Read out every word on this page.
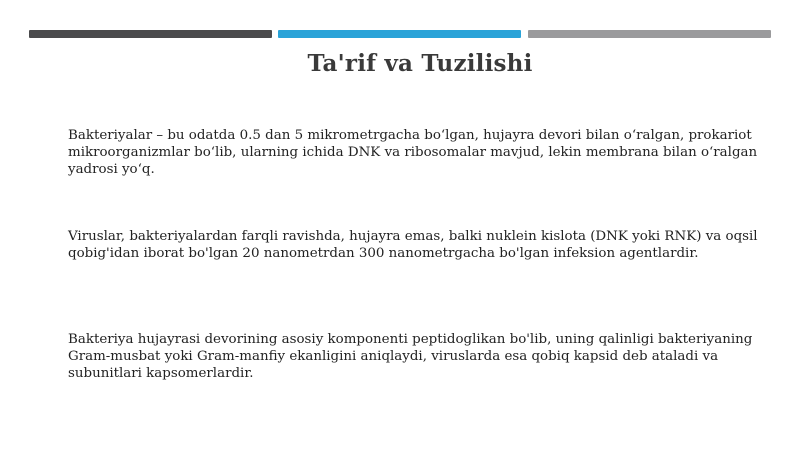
Ta'rif va Tuzilishi

Bakteriyalar – bu odatda 0.5 dan 5 mikrometrgacha bo‘lgan, hujayra devori bilan o‘ralgan, prokariot mikroorganizmlar bo‘lib, ularning ichida DNK va ribosomalar mavjud, lekin membrana bilan o‘ralgan yadrosi yo‘q.

Viruslar, bakteriyalardan farqli ravishda, hujayra emas, balki nuklein kislota (DNK yoki RNK) va oqsil qobig'idan iborat bo'lgan 20 nanometrdan 300 nanometrgacha bo'lgan infeksion agentlardir.

Bakteriya hujayrasi devorining asosiy komponenti peptidoglikan bo'lib, uning qalinligi bakteriyaning Gram-musbat yoki Gram-manfiy ekanligini aniqlaydi, viruslarda esa qobiq kapsid deb ataladi va subunitlari kapsomerlardir.
